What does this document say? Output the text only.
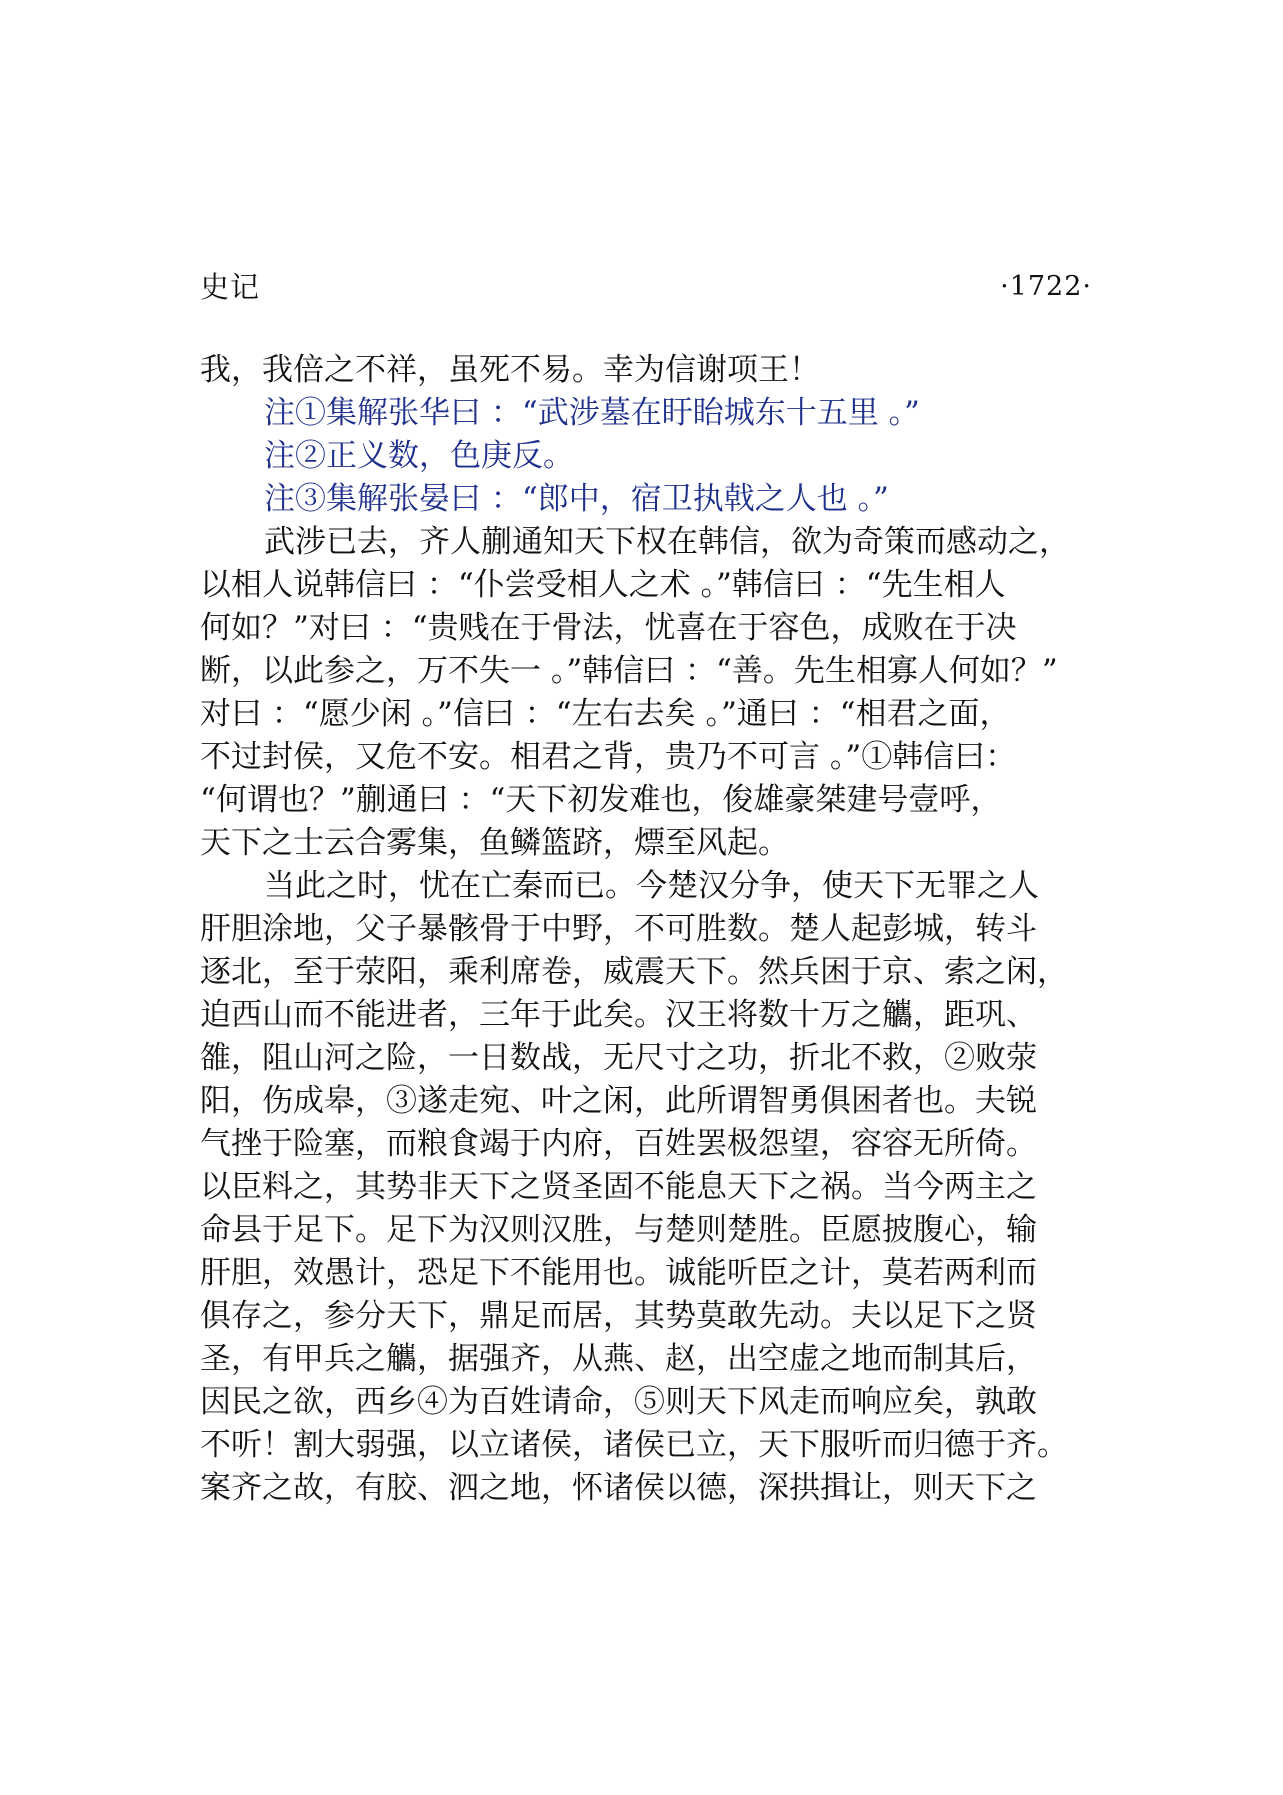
史记	·1722·
我，我倍之不祥，虽死不易。幸为信谢项王！
注①集解张华曰 ：“武涉墓在盱眙城东十五里 。”
注②正义数，色庚反。
注③集解张晏曰 ：“郎中，宿卫执戟之人也 。”
武涉已去，齐人蒯通知天下权在韩信，欲为奇策而感动之，
以相人说韩信曰 ：“仆尝受相人之术 。”韩信曰 ：“先生相人
何如？”对曰 ：“贵贱在于骨法，忧喜在于容色，成败在于决
断，以此参之，万不失一 。”韩信曰 ：“善。先生相寡人何如？”
对曰 ：“愿少闲 。”信曰 ：“左右去矣 。”通曰 ：“相君之面，
不过封侯，又危不安。相君之背，贵乃不可言 。”①韩信曰：
“何谓也？”蒯通曰 ：“天下初发难也，俊雄豪桀建号壹呼，
天下之士云合雾集，鱼鳞篮跻，熛至风起。
当此之时，忧在亡秦而已。今楚汉分争，使天下无罪之人
肝胆涂地，父子暴骸骨于中野，不可胜数。楚人起彭城，转斗
逐北，至于荥阳，乘利席卷，威震天下。然兵困于京、索之闲，
迫西山而不能进者，三年于此矣。汉王将数十万之觿，距巩、
雒，阻山河之险，一日数战，无尺寸之功，折北不救，②败荥
阳，伤成皋，③遂走宛、叶之闲，此所谓智勇俱困者也。夫锐
气挫于险塞，而粮食竭于内府，百姓罢极怨望，容容无所倚。
以臣料之，其势非天下之贤圣固不能息天下之祸。当今两主之
命县于足下。足下为汉则汉胜，与楚则楚胜。臣愿披腹心，输
肝胆，效愚计，恐足下不能用也。诚能听臣之计，莫若两利而
俱存之，参分天下，鼎足而居，其势莫敢先动。夫以足下之贤
圣，有甲兵之觿，据强齐，从燕、赵，出空虚之地而制其后，
因民之欲，西乡④为百姓请命，⑤则天下风走而响应矣，孰敢
不听！割大弱强，以立诸侯，诸侯已立，天下服听而归德于齐。
案齐之故，有胶、泗之地，怀诸侯以德，深拱揖让，则天下之
